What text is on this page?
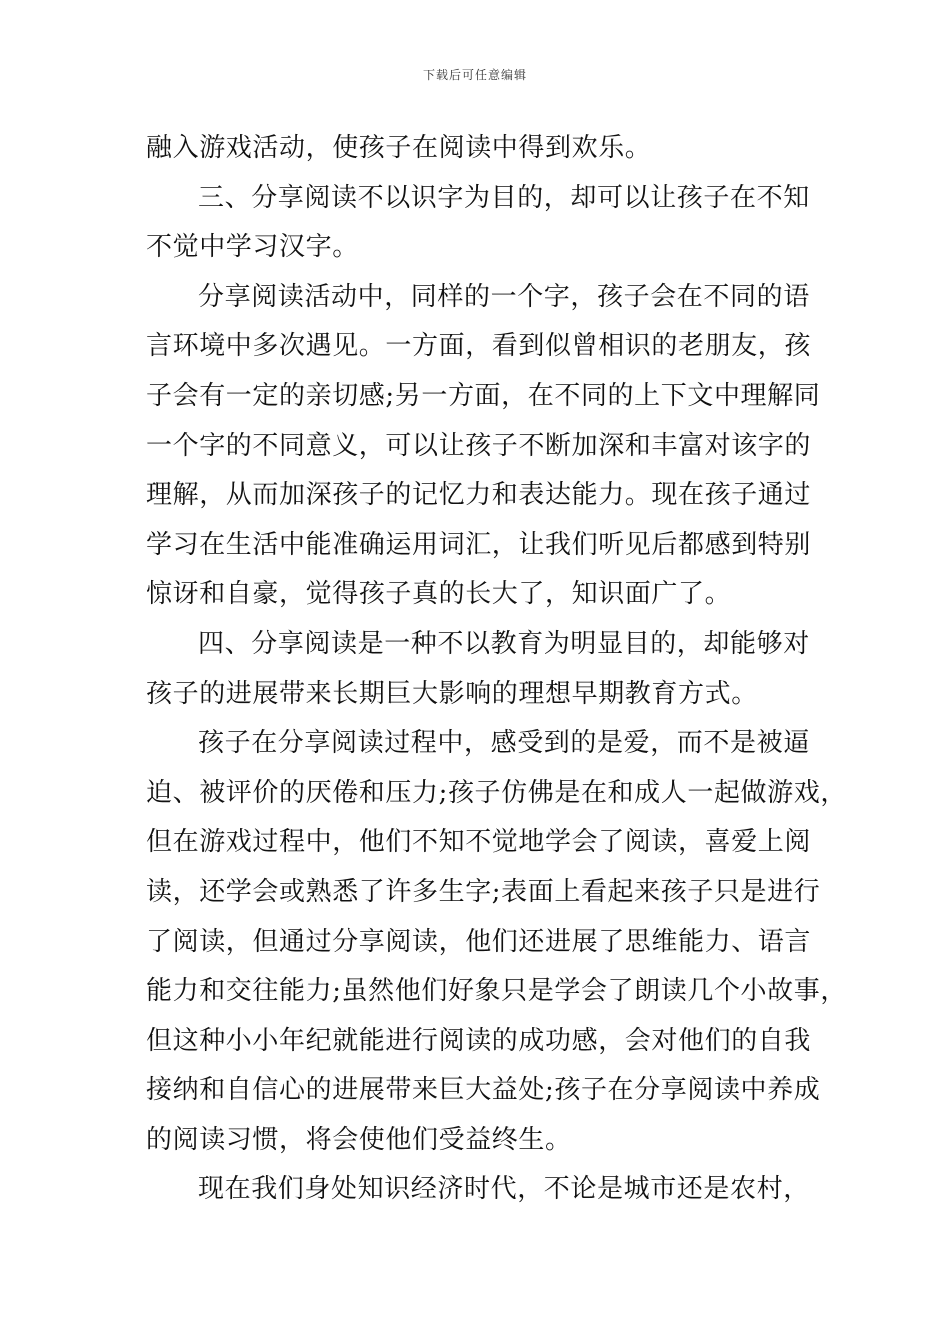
下载后可任意编辑
融入游戏活动，使孩子在阅读中得到欢乐。
三、分享阅读不以识字为目的，却可以让孩子在不知
不觉中学习汉字。
分享阅读活动中，同样的一个字，孩子会在不同的语
言环境中多次遇见。一方面，看到似曾相识的老朋友，孩
子会有一定的亲切感;另一方面，在不同的上下文中理解同
一个字的不同意义，可以让孩子不断加深和丰富对该字的
理解，从而加深孩子的记忆力和表达能力。现在孩子通过
学习在生活中能准确运用词汇，让我们听见后都感到特别
惊讶和自豪，觉得孩子真的长大了，知识面广了。
四、分享阅读是一种不以教育为明显目的，却能够对
孩子的进展带来长期巨大影响的理想早期教育方式。
孩子在分享阅读过程中，感受到的是爱，而不是被逼
迫、被评价的厌倦和压力;孩子仿佛是在和成人一起做游戏，
但在游戏过程中，他们不知不觉地学会了阅读，喜爱上阅
读，还学会或熟悉了许多生字;表面上看起来孩子只是进行
了阅读，但通过分享阅读，他们还进展了思维能力、语言
能力和交往能力;虽然他们好象只是学会了朗读几个小故事，
但这种小小年纪就能进行阅读的成功感，会对他们的自我
接纳和自信心的进展带来巨大益处;孩子在分享阅读中养成
的阅读习惯，将会使他们受益终生。
现在我们身处知识经济时代，不论是城市还是农村，
